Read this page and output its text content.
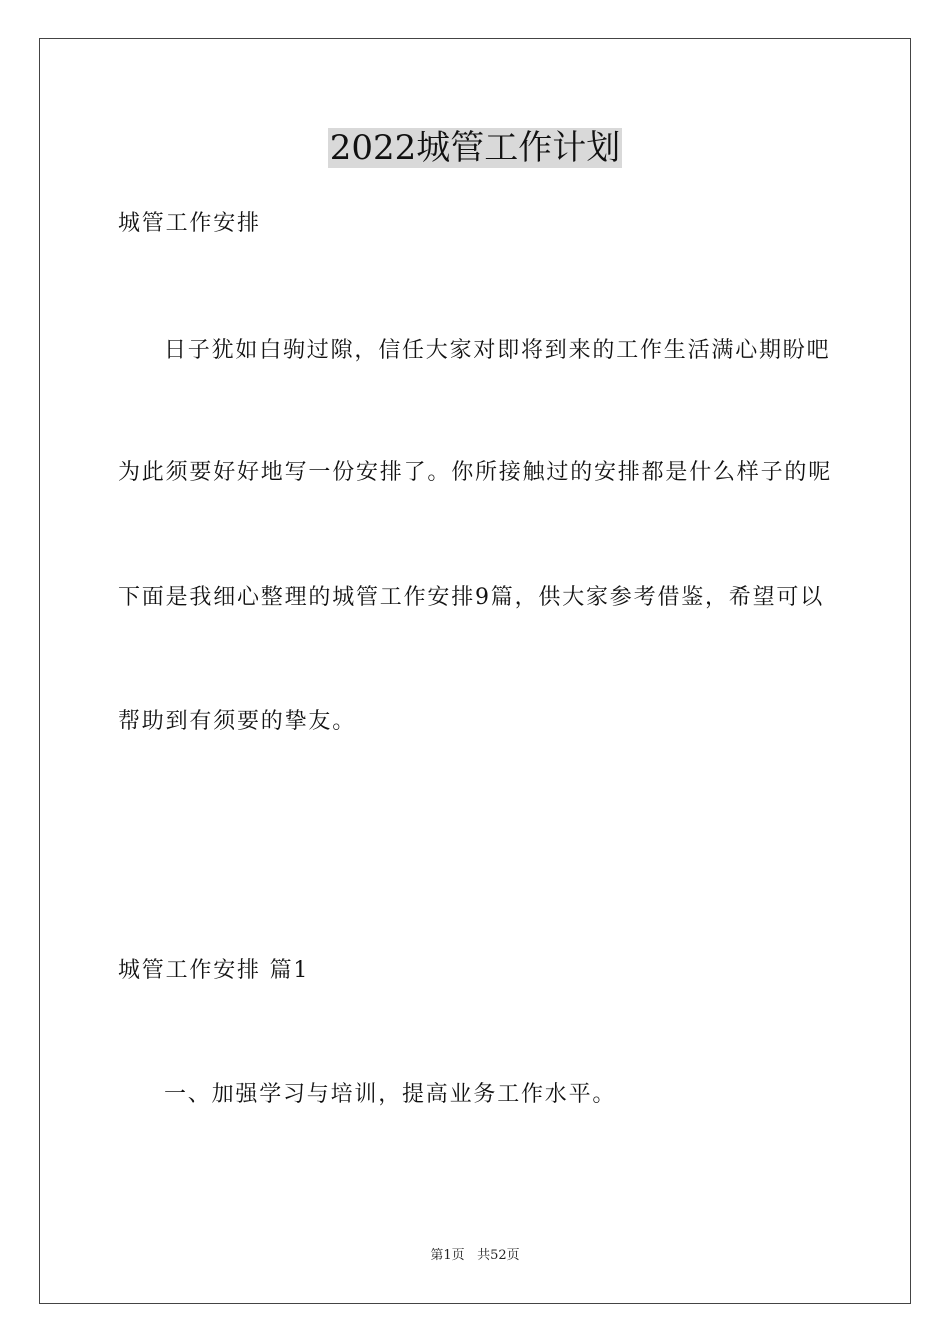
2022城管工作计划
城管工作安排
日子犹如白驹过隙，信任大家对即将到来的工作生活满心期盼吧
为此须要好好地写一份安排了。你所接触过的安排都是什么样子的呢
下面是我细心整理的城管工作安排9篇，供大家参考借鉴，希望可以
帮助到有须要的挚友。
城管工作安排 篇1
一、加强学习与培训，提高业务工作水平。
第1页 共52页
